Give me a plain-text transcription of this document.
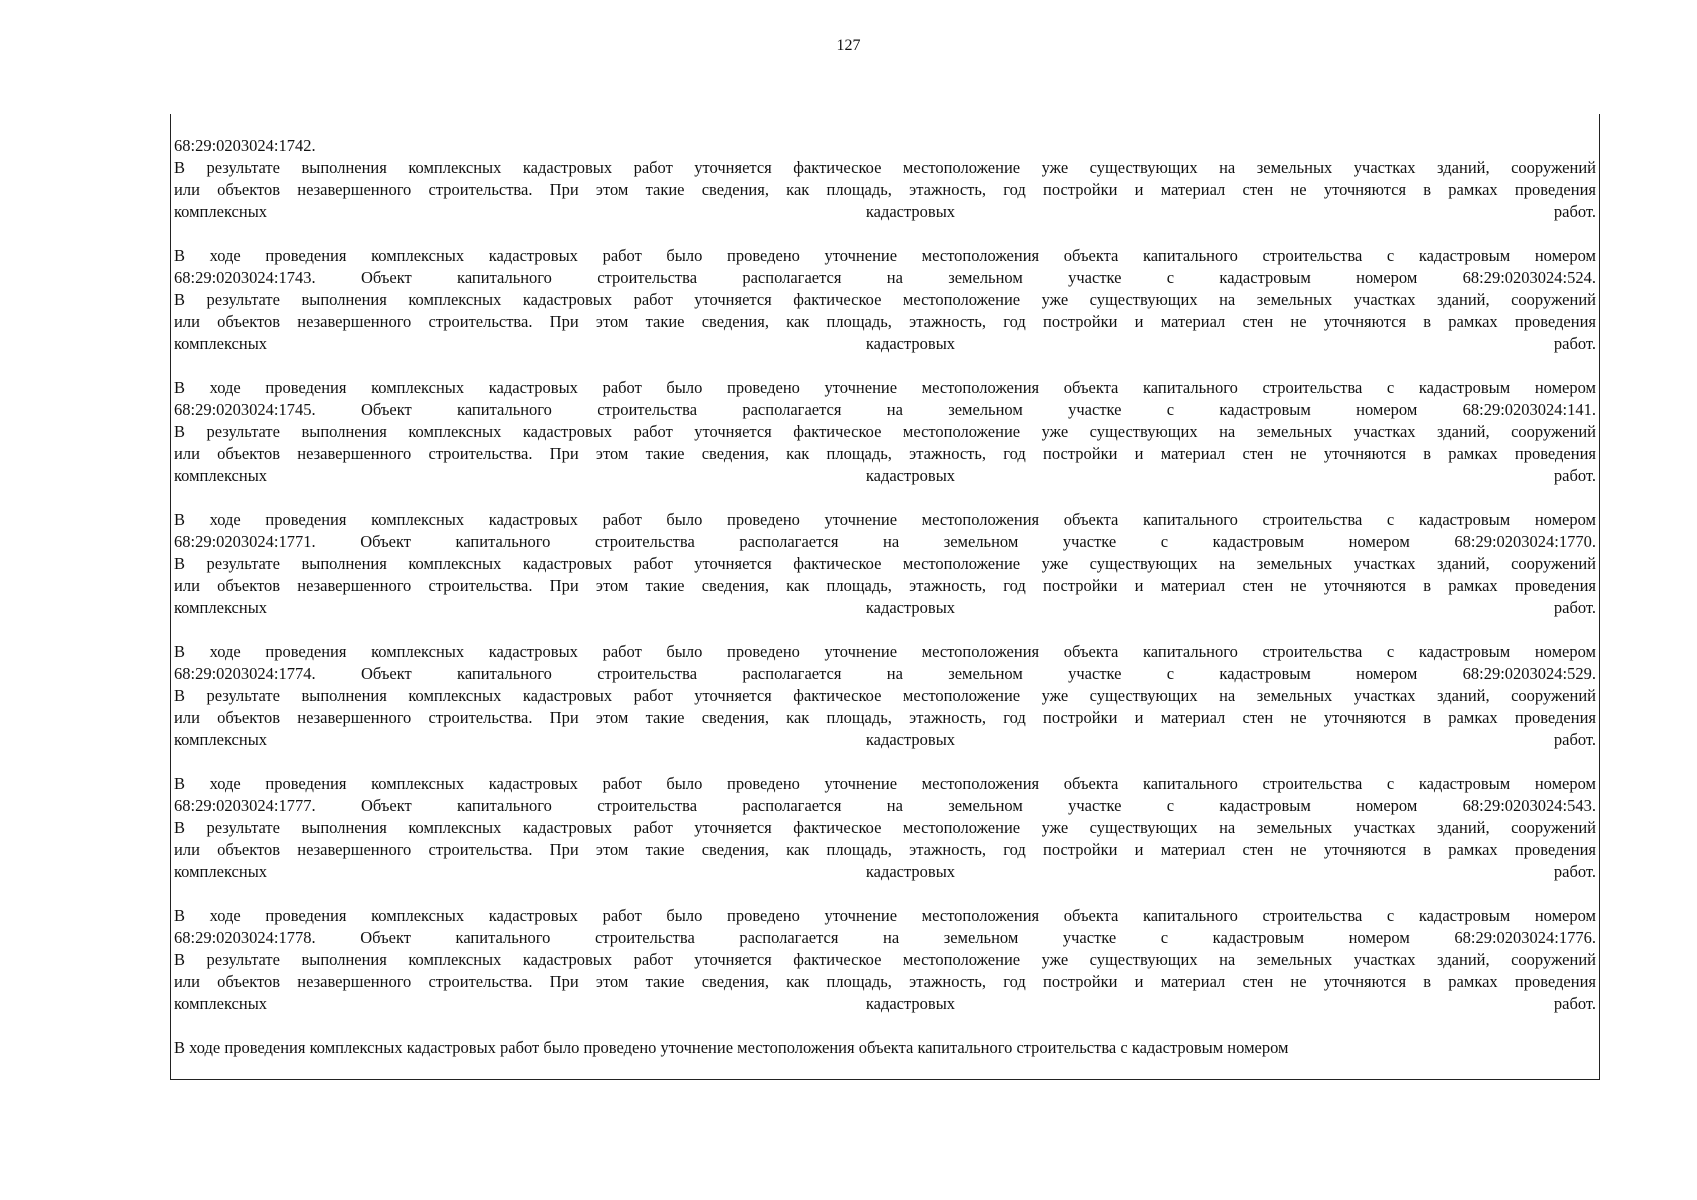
127
68:29:0203024:1742.
В результате выполнения комплексных кадастровых работ уточняется фактическое местоположение уже существующих на земельных участках зданий, сооружений
или объектов незавершенного строительства. При этом такие сведения, как площадь, этажность, год постройки и материал стен не уточняются в рамках проведения
комплексных	кадастровых	работ.
В ходе проведения комплексных кадастровых работ было проведено уточнение местоположения объекта капитального строительства с кадастровым номером
68:29:0203024:1743. Объект капитального строительства располагается на земельном участке с кадастровым номером 68:29:0203024:524.
В результате выполнения комплексных кадастровых работ уточняется фактическое местоположение уже существующих на земельных участках зданий, сооружений
или объектов незавершенного строительства. При этом такие сведения, как площадь, этажность, год постройки и материал стен не уточняются в рамках проведения
комплексных	кадастровых	работ.
В ходе проведения комплексных кадастровых работ было проведено уточнение местоположения объекта капитального строительства с кадастровым номером
68:29:0203024:1745. Объект капитального строительства располагается на земельном участке с кадастровым номером 68:29:0203024:141.
В результате выполнения комплексных кадастровых работ уточняется фактическое местоположение уже существующих на земельных участках зданий, сооружений
или объектов незавершенного строительства. При этом такие сведения, как площадь, этажность, год постройки и материал стен не уточняются в рамках проведения
комплексных	кадастровых	работ.
В ходе проведения комплексных кадастровых работ было проведено уточнение местоположения объекта капитального строительства с кадастровым номером
68:29:0203024:1771. Объект капитального строительства располагается на земельном участке с кадастровым номером 68:29:0203024:1770.
В результате выполнения комплексных кадастровых работ уточняется фактическое местоположение уже существующих на земельных участках зданий, сооружений
или объектов незавершенного строительства. При этом такие сведения, как площадь, этажность, год постройки и материал стен не уточняются в рамках проведения
комплексных	кадастровых	работ.
В ходе проведения комплексных кадастровых работ было проведено уточнение местоположения объекта капитального строительства с кадастровым номером
68:29:0203024:1774. Объект капитального строительства располагается на земельном участке с кадастровым номером 68:29:0203024:529.
В результате выполнения комплексных кадастровых работ уточняется фактическое местоположение уже существующих на земельных участках зданий, сооружений
или объектов незавершенного строительства. При этом такие сведения, как площадь, этажность, год постройки и материал стен не уточняются в рамках проведения
комплексных	кадастровых	работ.
В ходе проведения комплексных кадастровых работ было проведено уточнение местоположения объекта капитального строительства с кадастровым номером
68:29:0203024:1777. Объект капитального строительства располагается на земельном участке с кадастровым номером 68:29:0203024:543.
В результате выполнения комплексных кадастровых работ уточняется фактическое местоположение уже существующих на земельных участках зданий, сооружений
или объектов незавершенного строительства. При этом такие сведения, как площадь, этажность, год постройки и материал стен не уточняются в рамках проведения
комплексных	кадастровых	работ.
В ходе проведения комплексных кадастровых работ было проведено уточнение местоположения объекта капитального строительства с кадастровым номером
68:29:0203024:1778. Объект капитального строительства располагается на земельном участке с кадастровым номером 68:29:0203024:1776.
В результате выполнения комплексных кадастровых работ уточняется фактическое местоположение уже существующих на земельных участках зданий, сооружений
или объектов незавершенного строительства. При этом такие сведения, как площадь, этажность, год постройки и материал стен не уточняются в рамках проведения
комплексных	кадастровых	работ.
В ходе проведения комплексных кадастровых работ было проведено уточнение местоположения объекта капитального строительства с кадастровым номером
